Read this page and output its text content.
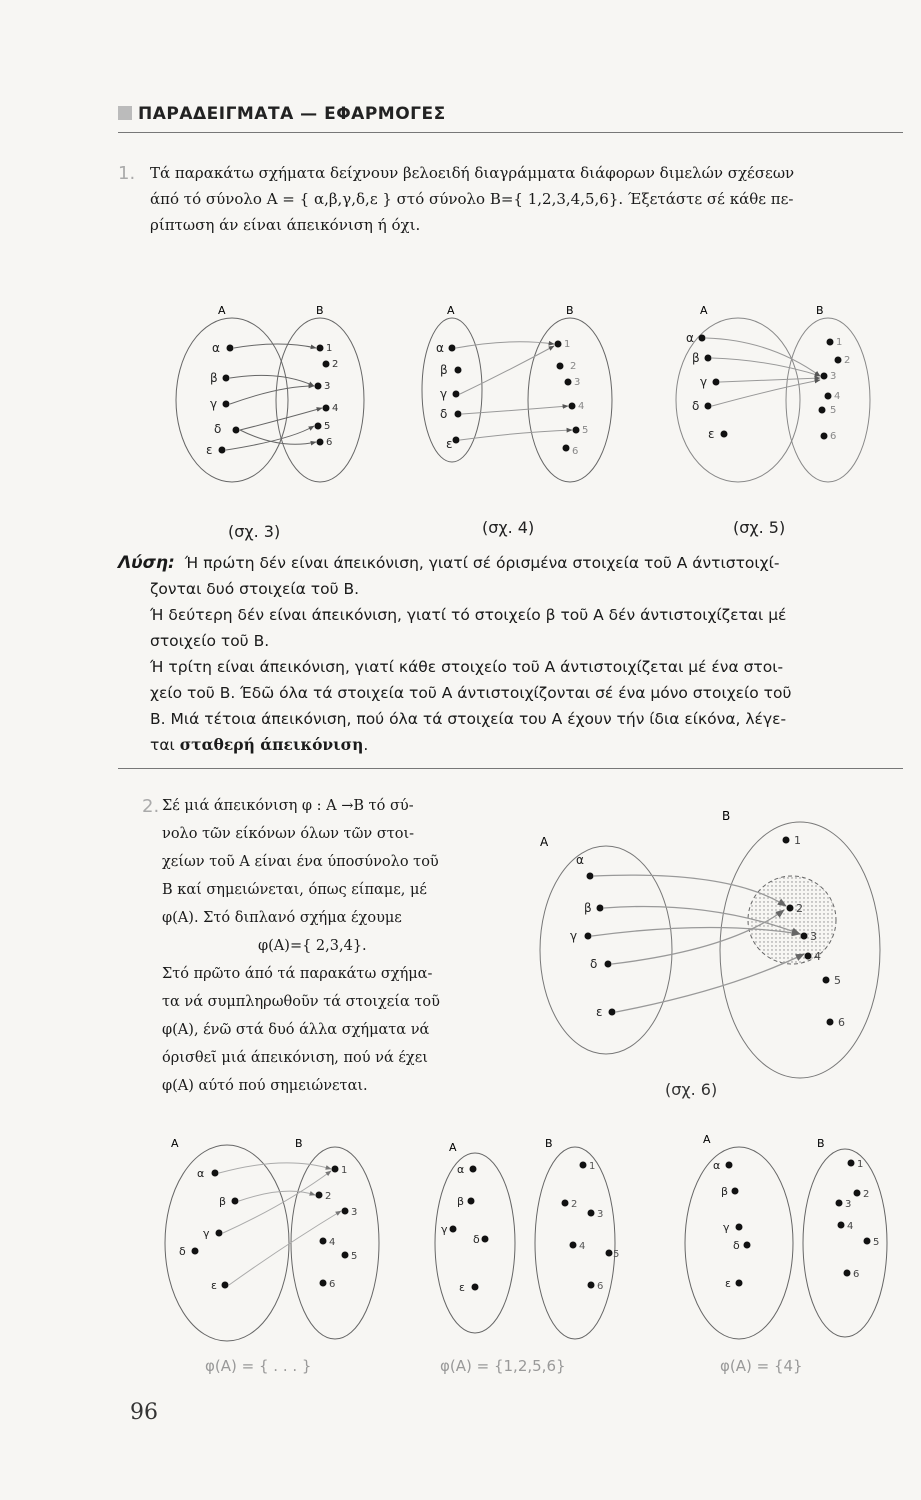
ΠΑΡΑΔΕΙΓΜΑΤΑ — ΕΦΑΡΜΟΓΕΣ
1. Τά παρακάτω σχήματα δείχνουν βελοειδή διαγράμματα διάφορων διμελών σχέσεων
άπό τό σύνολο A = { α,β,γ,δ,ε } στό σύνολο B={ 1,2,3,4,5,6}. Έξετάστε σέ κάθε πε-
ρίπτωση άν είναι άπεικόνιση ή όχι.
A	B
α
β
γ
δ
ε
1
2
3
4
5
6
A	B
α
β
γ
δ
ε
1
2
3
4
5
6
A	B
α
β
γ
δ
ε
1
2
3
4
5
6
(σχ. 3)	(σχ. 4)	(σχ. 5)
Λύση: Ή πρώτη δέν είναι άπεικόνιση, γιατί σέ όρισμένα στοιχεία τοῦ A άντιστοιχί-
ζονται δυό στοιχεία τοῦ B.
Ή δεύτερη δέν είναι άπεικόνιση, γιατί τό στοιχείο β τοῦ A δέν άντιστοιχίζεται μέ
στοιχείο τοῦ B.
Ή τρίτη είναι άπεικόνιση, γιατί κάθε στοιχείο τοῦ A άντιστοιχίζεται μέ ένα στοι-
χείο τοῦ B. Έδῶ όλα τά στοιχεία τοῦ A άντιστοιχίζονται σέ ένα μόνο στοιχείο τοῦ
B. Μιά τέτοια άπεικόνιση, πού όλα τά στοιχεία του A έχουν τήν ίδια είκόνα, λέγε-
ται σταθερή άπεικόνιση.
2. Σέ μιά άπεικόνιση φ : A →B τό σύ-
νολο τῶν είκόνων όλων τῶν στοι-
χείων τοῦ A είναι ένα ύποσύνολο τοῦ
B καί σημειώνεται, όπως είπαμε, μέ
φ(A). Στό διπλανό σχήμα έχουμε
φ(A)={ 2,3,4}.
Στό πρῶτο άπό τά παρακάτω σχήμα-
τα νά συμπληρωθοῦν τά στοιχεία τοῦ
φ(A), ένῶ στά δυό άλλα σχήματα νά
όρισθεῖ μιά άπεικόνιση, πού νά έχει
φ(A) αύτό πού σημειώνεται.
A
B
α
β
γ
δ
ε
1
2
3
4
5
6
(σχ. 6)
A	B
α
β
γ
δ
ε
1
2
3
4
5
6
A	B
α
β
γ
δ
ε
1
2
3
4
5
6
A	B
α
β
γ
δ
ε
1
2
3
4
5
6
φ(A) = { . . . }	φ(A) = {1,2,5,6}	φ(A) = {4}
96
